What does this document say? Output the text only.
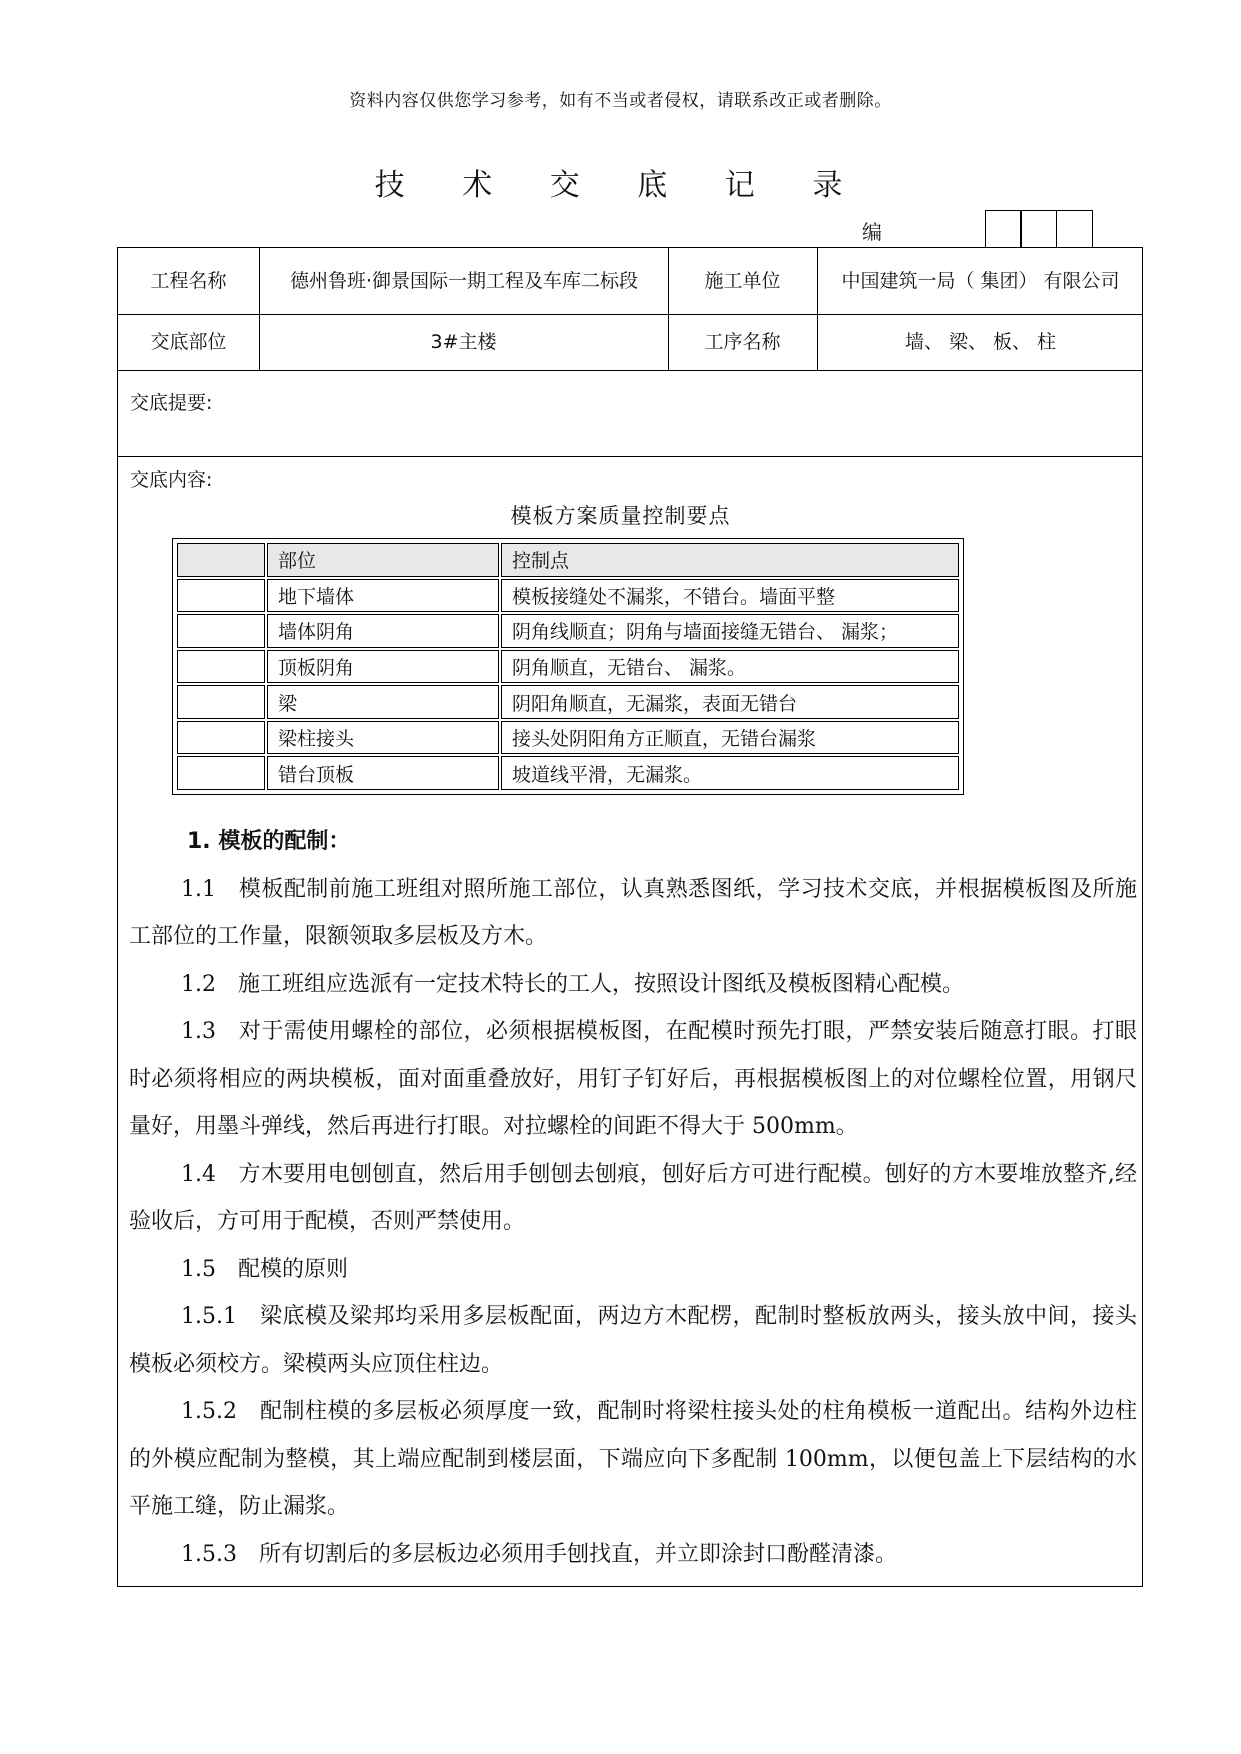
资料内容仅供您学习参考，如有不当或者侵权，请联系改正或者删除。
技 术 交 底 记 录
编
工程名称	德州鲁班·御景国际一期工程及车库二标段	施工单位	中国建筑一局（ 集团） 有限公司
交底部位	3#主楼	工序名称	墙、 梁、 板、 柱
交底提要:
交底内容:
模板方案质量控制要点
	部位	控制点
	地下墙体	模板接缝处不漏浆，不错台。墙面平整
	墙体阴角	阴角线顺直；阴角与墙面接缝无错台、 漏浆；
	顶板阴角	阴角顺直，无错台、 漏浆。
	梁	阴阳角顺直，无漏浆，表面无错台
	梁柱接头	接头处阴阳角方正顺直，无错台漏浆
	错台顶板	坡道线平滑，无漏浆。

1. 模板的配制：

1.1　模板配制前施工班组对照所施工部位，认真熟悉图纸，学习技术交底，并根据模板图及所施工部位的工作量，限额领取多层板及方木。

1.2　施工班组应选派有一定技术特长的工人，按照设计图纸及模板图精心配模。

1.3　对于需使用螺栓的部位，必须根据模板图，在配模时预先打眼，严禁安装后随意打眼。打眼时必须将相应的两块模板，面对面重叠放好，用钉子钉好后，再根据模板图上的对位螺栓位置，用钢尺量好，用墨斗弹线，然后再进行打眼。对拉螺栓的间距不得大于 500mm。

1.4　方木要用电刨刨直，然后用手刨刨去刨痕，刨好后方可进行配模。刨好的方木要堆放整齐,经验收后，方可用于配模，否则严禁使用。

1.5　配模的原则

1.5.1　梁底模及梁邦均采用多层板配面，两边方木配楞，配制时整板放两头，接头放中间，接头模板必须校方。梁模两头应顶住柱边。

1.5.2　配制柱模的多层板必须厚度一致，配制时将梁柱接头处的柱角模板一道配出。结构外边柱的外模应配制为整模，其上端应配制到楼层面，下端应向下多配制 100mm，以便包盖上下层结构的水平施工缝，防止漏浆。

1.5.3　所有切割后的多层板边必须用手刨找直，并立即涂封口酚醛清漆。
